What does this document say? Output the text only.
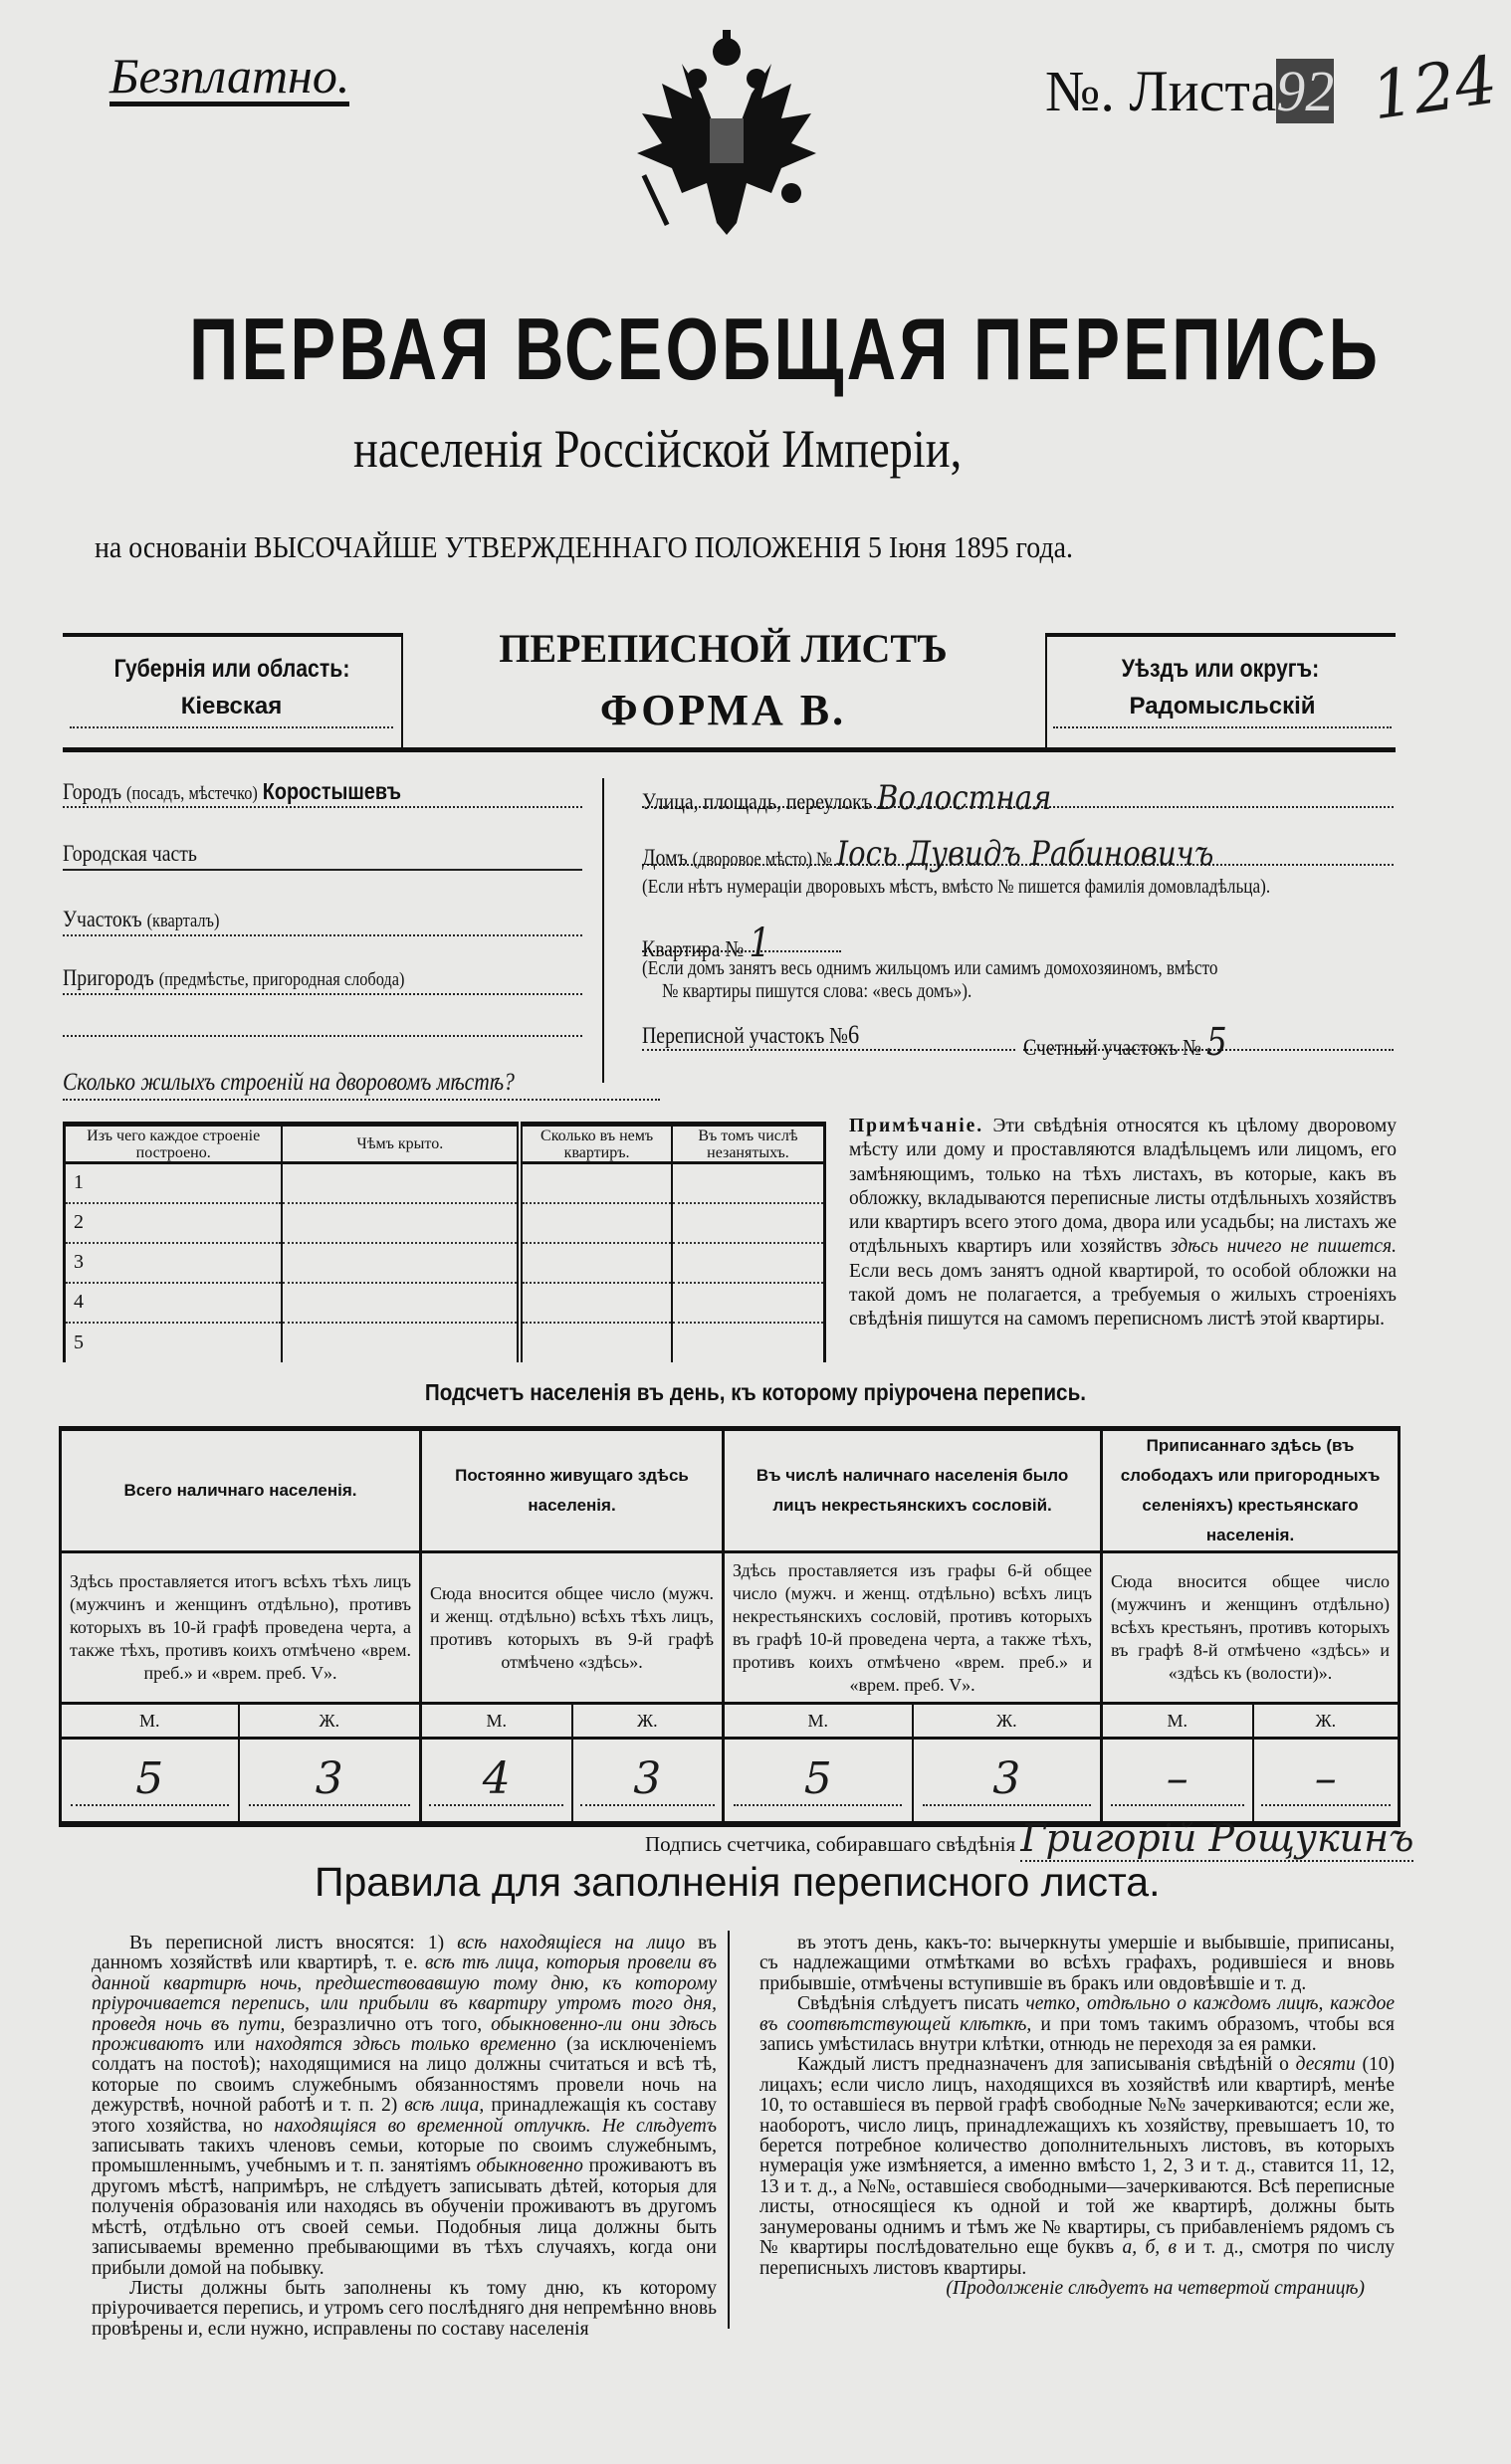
Безплатно.	№. Листа92 124
ПЕРВАЯ ВСЕОБЩАЯ ПЕРЕПИСЬ
населенія Россійской Имперіи,
на основаніи ВЫСОЧАЙШЕ УТВЕРЖДЕННАГО ПОЛОЖЕНІЯ 5 Іюня 1895 года.
Губернія или область:
Кіевская
ПЕРЕПИСНОЙ ЛИСТЪ
ФОРМА В.
Уѣздъ или округъ:
Радомысльскій
Городъ (посадъ, мѣстечко) Коростышевъ
Городская часть
Участокъ (кварталъ)
Пригородъ (предмѣстье, пригородная слобода)
Улица, площадь, переулокъ Волостная
Домъ (дворовое мѣсто) № Іось Дувидъ Рабиновичъ
(Если нѣтъ нумераціи дворовыхъ мѣстъ, вмѣсто № пишется фамилія домовладѣльца).
Квартира № 1
(Если домъ занятъ весь однимъ жильцомъ или самимъ домохозяиномъ, вмѣсто
№ квартиры пишутся слова: «весь домъ»).
Переписной участокъ №6	Счетный участокъ № 5
Сколько жилыхъ строеній на дворовомъ мѣстѣ?
Изъ чего каждое строеніе построено.	Чѣмъ крыто.	Сколько въ немъ квартиръ.	Въ томъ числѣ незанятыхъ.
1			
2			
3			
4			
5			
Примѣчаніе. Эти свѣдѣнія относятся къ цѣлому дворовому мѣсту или дому и проставляются владѣльцемъ или лицомъ, его замѣняющимъ, только на тѣхъ листахъ, въ которые, какъ въ обложку, вкладываются переписные листы отдѣльныхъ хозяйствъ или квартиръ всего этого дома, двора или усадьбы; на листахъ же отдѣльныхъ квартиръ или хозяйствъ здѣсь ничего не пишется. Если весь домъ занятъ одной квартирой, то особой обложки на такой домъ не полагается, а требуемыя о жилыхъ строеніяхъ свѣдѣнія пишутся на самомъ переписномъ листѣ этой квартиры.
Подсчетъ населенія въ день, къ которому пріурочена перепись.
Всего наличнаго населенія.		Постоянно живущаго здѣсь населенія.		Въ числѣ наличнаго населенія было лицъ некрестьянскихъ сословій.		Приписаннаго здѣсь (въ слободахъ или пригородныхъ селеніяхъ) крестьянскаго населенія.	
Здѣсь проставляется итогъ всѣхъ тѣхъ лицъ (мужчинъ и женщинъ отдѣльно), противъ которыхъ въ 10-й графѣ проведена черта, а также тѣхъ, противъ коихъ отмѣчено «врем. преб.» и «врем. преб. V».		Сюда вносится общее число (мужч. и женщ. отдѣльно) всѣхъ тѣхъ лицъ, противъ которыхъ въ 9-й графѣ отмѣчено «здѣсь».		Здѣсь проставляется изъ графы 6-й общее число (мужч. и женщ. отдѣльно) всѣхъ лицъ некрестьянскихъ сословій, противъ которыхъ въ графѣ 10-й проведена черта, а также тѣхъ, противъ коихъ отмѣчено «врем. преб.» и «врем. преб. V».		Сюда вносится общее число (мужчинъ и женщинъ отдѣльно) всѣхъ крестьянъ, противъ которыхъ въ графѣ 8-й отмѣчено «здѣсь» и «здѣсь къ (волости)».	
М.	Ж.	М.	Ж.	М.	Ж.	М.	Ж.
5	3	4	3	5	3	–	–
Подпись счетчика, собиравшаго свѣдѣнія Григорій Рощукинъ
Правила для заполненія переписного листа.

Въ переписной листъ вносятся: 1) всѣ находящіеся на лицо въ данномъ хозяйствѣ или квартирѣ, т. е. всѣ тѣ лица, которыя провели въ данной квартирѣ ночь, предшествовавшую тому дню, къ которому пріурочивается перепись, или прибыли въ квартиру утромъ того дня, проведя ночь въ пути, безразлично отъ того, обыкновенно-ли они здѣсь проживаютъ или находятся здѣсь только временно (за исключеніемъ солдатъ на постоѣ); находящимися на лицо должны считаться и всѣ тѣ, которые по своимъ служебнымъ обязанностямъ провели ночь на дежурствѣ, ночной работѣ и т. п. 2) всѣ лица, принадлежащія къ составу этого хозяйства, но находящіяся во временной отлучкѣ. Не слѣдуетъ записывать такихъ членовъ семьи, которые по своимъ служебнымъ, промышленнымъ, учебнымъ и т. п. занятіямъ обыкновенно проживаютъ въ другомъ мѣстѣ, напримѣръ, не слѣдуетъ записывать дѣтей, которыя для полученія образованія или находясь въ обученіи проживаютъ въ другомъ мѣстѣ, отдѣльно отъ своей семьи. Подобныя лица должны быть записываемы временно пребывающими въ тѣхъ случаяхъ, когда они прибыли домой на побывку.

Листы должны быть заполнены къ тому дню, къ которому пріурочивается перепись, и утромъ сего послѣдняго дня непремѣнно вновь провѣрены и, если нужно, исправлены по составу населенія

въ этотъ день, какъ-то: вычеркнуты умершіе и выбывшіе, приписаны, съ надлежащими отмѣтками во всѣхъ графахъ, родившіеся и вновь прибывшіе, отмѣчены вступившіе въ бракъ или овдовѣвшіе и т. д.

Свѣдѣнія слѣдуетъ писать четко, отдѣльно о каждомъ лицѣ, каждое въ соотвѣтствующей клѣткѣ, и при томъ такимъ образомъ, чтобы вся запись умѣстилась внутри клѣтки, отнюдь не переходя за ея рамки.

Каждый листъ предназначенъ для записыванія свѣдѣній о десяти (10) лицахъ; если число лицъ, находящихся въ хозяйствѣ или квартирѣ, менѣе 10, то оставшіеся въ первой графѣ свободные №№ зачеркиваются; если же, наоборотъ, число лицъ, принадлежащихъ къ хозяйству, превышаетъ 10, то берется потребное количество дополнительныхъ листовъ, въ которыхъ нумерація уже измѣняется, а именно вмѣсто 1, 2, 3 и т. д., ставится 11, 12, 13 и т. д., а №№, оставшіеся свободными—зачеркиваются. Всѣ переписные листы, относящіеся къ одной и той же квартирѣ, должны быть занумерованы однимъ и тѣмъ же № квартиры, съ прибавленіемъ рядомъ съ № квартиры послѣдовательно еще буквъ а, б, в и т. д., смотря по числу переписныхъ листовъ квартиры.

(Продолженіе слѣдуетъ на четвертой страницѣ)
